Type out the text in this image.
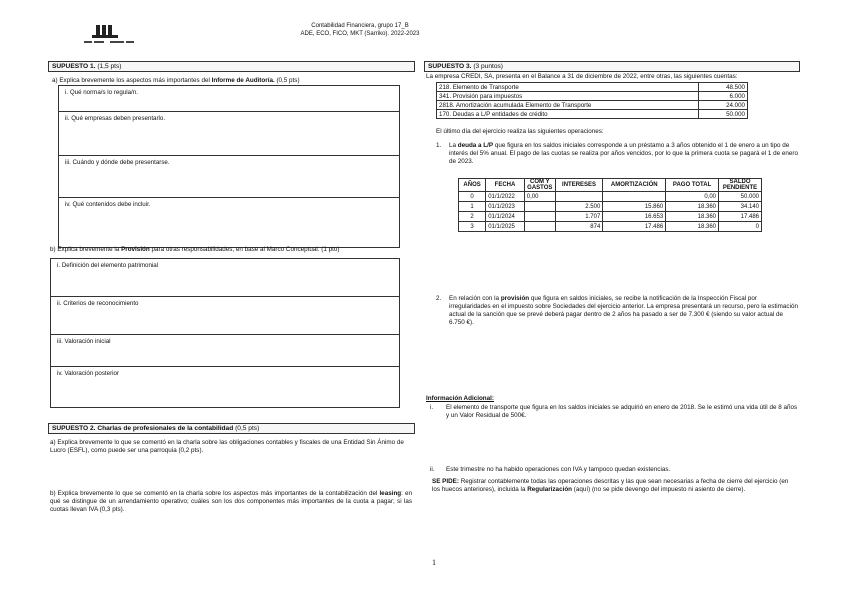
Contabilidad Financiera, grupo 17_B
ADE, ECO, FICO, MKT (Sarriko). 2022-2023
SUPUESTO 1. (1,5 pts)
a) Explica brevemente los aspectos más importantes del Informe de Auditoría. (0,5 pts)
i. Qué norma/s lo regula/n.
ii. Qué empresas deben presentarlo.
iii. Cuándo y dónde debe presentarse.
iv. Qué contenidos debe incluir.
b) Explica brevemente la Provisión para otras responsabilidades, en base al Marco Conceptual. (1 pto)
i. Definición del elemento patrimonial
ii. Criterios de reconocimiento
iii. Valoración inicial
iv. Valoración posterior
SUPUESTO 2. Charlas de profesionales de la contabilidad (0,5 pts)
a) Explica brevemente lo que se comentó en la charla sobre las obligaciones contables y fiscales de una Entidad Sin Ánimo de Lucro (ESFL), como puede ser una parroquia (0,2 pts).
b) Explica brevemente lo que se comentó en la charla sobre los aspectos más importantes de la contabilización del leasing: en qué se distingue de un arrendamiento operativo; cuáles son los dos componentes más importantes de la cuota a pagar; si las cuotas llevan IVA (0,3 pts).
SUPUESTO 3. (3 puntos)
La empresa CREDI, SA, presenta en el Balance a 31 de diciembre de 2022, entre otras, las siguientes cuentas:
218. Elemento de Transporte	48.500
341. Provisión para impuestos	6.000
2818. Amortización acumulada Elemento de Transporte	24.000
170. Deudas a L/P entidades de crédito	50.000
El último día del ejercicio realiza las siguientes operaciones:
1.	La deuda a L/P que figura en los saldos iniciales corresponde a un préstamo a 3 años obtenido el 1 de enero a un tipo de interés del 5% anual. El pago de las cuotas se realiza por años vencidos, por lo que la primera cuota se pagará el 1 de enero de 2023.
AÑOS	FECHA	COM Y GASTOS	INTERESES	AMORTIZACIÓN	PAGO TOTAL	SALDO PENDIENTE
0	01/1/2022	0,00			0,00	50.000
1	01/1/2023		2.500	15.860	18.360	34.140
2	01/1/2024		1.707	16.653	18.360	17.486
3	01/1/2025		874	17.486	18.360	0
2.	En relación con la provisión que figura en saldos iniciales, se recibe la notificación de la Inspección Fiscal por irregularidades en el impuesto sobre Sociedades del ejercicio anterior. La empresa presentará un recurso, pero la estimación actual de la sanción que se prevé deberá pagar dentro de 2 años ha pasado a ser de 7.300 € (siendo su valor actual de 6.750 €).
Información Adicional:
i.	El elemento de transporte que figura en los saldos iniciales se adquirió en enero de 2018. Se le estimó una vida útil de 8 años y un Valor Residual de 500€.
ii.	Este trimestre no ha habido operaciones con IVA y tampoco quedan existencias.
SE PIDE: Registrar contablemente todas las operaciones descritas y las que sean necesarias a fecha de cierre del ejercicio (en los huecos anteriores), incluida la Regularización (aquí) (no se pide devengo del impuesto ni asiento de cierre).
1
